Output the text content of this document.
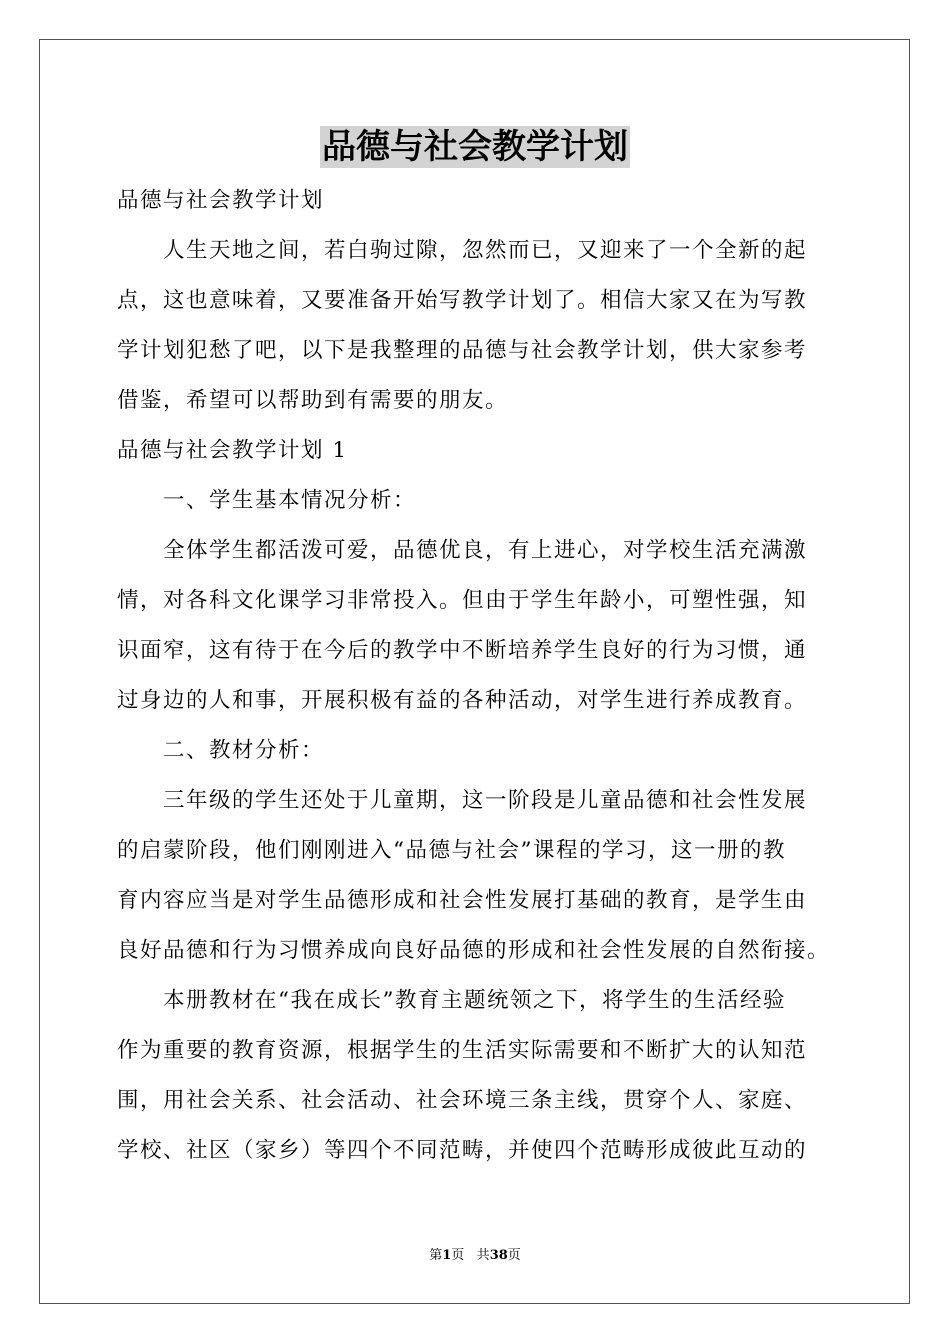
品德与社会教学计划
品德与社会教学计划
人生天地之间，若白驹过隙，忽然而已，又迎来了一个全新的起
点，这也意味着，又要准备开始写教学计划了。相信大家又在为写教
学计划犯愁了吧，以下是我整理的品德与社会教学计划，供大家参考
借鉴，希望可以帮助到有需要的朋友。
品德与社会教学计划 1
一、学生基本情况分析：
全体学生都活泼可爱，品德优良，有上进心，对学校生活充满激
情，对各科文化课学习非常投入。但由于学生年龄小，可塑性强，知
识面窄，这有待于在今后的教学中不断培养学生良好的行为习惯，通
过身边的人和事，开展积极有益的各种活动，对学生进行养成教育。
二、教材分析：
三年级的学生还处于儿童期，这一阶段是儿童品德和社会性发展
的启蒙阶段，他们刚刚进入“品德与社会”课程的学习，这一册的教
育内容应当是对学生品德形成和社会性发展打基础的教育，是学生由
良好品德和行为习惯养成向良好品德的形成和社会性发展的自然衔接。
本册教材在“我在成长”教育主题统领之下，将学生的生活经验
作为重要的教育资源，根据学生的生活实际需要和不断扩大的认知范
围，用社会关系、社会活动、社会环境三条主线，贯穿个人、家庭、
学校、社区（家乡）等四个不同范畴，并使四个范畴形成彼此互动的
第1页 共38页
